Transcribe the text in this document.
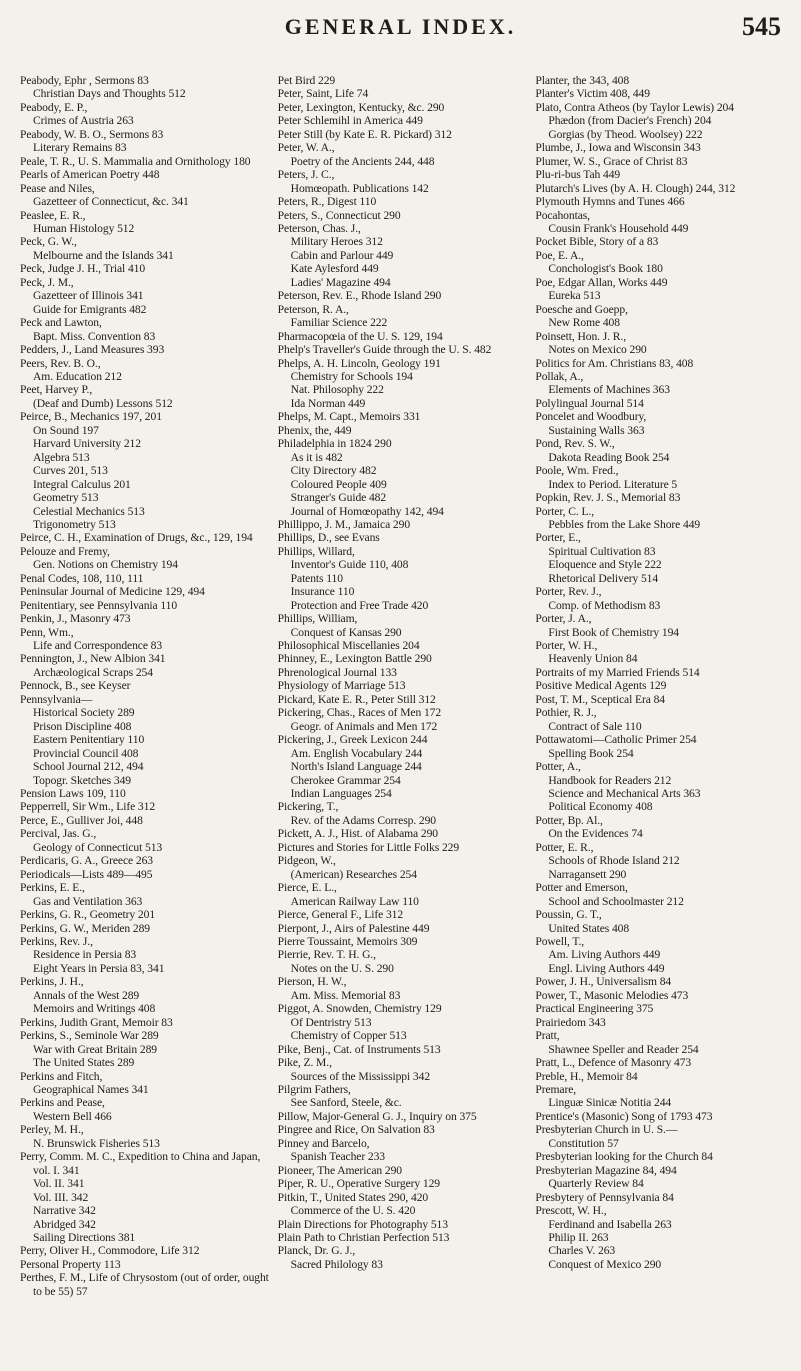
GENERAL INDEX.	545

Peabody, Ephr , Sermons 83

Christian Days and Thoughts 512

Peabody, E. P.,

Crimes of Austria 263

Peabody, W. B. O., Sermons 83

Literary Remains 83

Peale, T. R., U. S. Mammalia and Ornithology 180

Pearls of American Poetry 448

Pease and Niles,

Gazetteer of Connecticut, &c. 341

Peaslee, E. R.,

Human Histology 512

Peck, G. W.,

Melbourne and the Islands 341

Peck, Judge J. H., Trial 410

Peck, J. M.,

Gazetteer of Illinois 341

Guide for Emigrants 482

Peck and Lawton,

Bapt. Miss. Convention 83

Pedders, J., Land Measures 393

Peers, Rev. B. O.,

Am. Education 212

Peet, Harvey P.,

(Deaf and Dumb) Lessons 512

Peirce, B., Mechanics 197, 201

On Sound 197

Harvard University 212

Algebra 513

Curves 201, 513

Integral Calculus 201

Geometry 513

Celestial Mechanics 513

Trigonometry 513

Peirce, C. H., Examination of Drugs, &c., 129, 194

Pelouze and Fremy,

Gen. Notions on Chemistry 194

Penal Codes, 108, 110, 111

Peninsular Journal of Medicine 129, 494

Penitentiary, see Pennsylvania 110

Penkin, J., Masonry 473

Penn, Wm.,

Life and Correspondence 83

Pennington, J., New Albion 341

Archæological Scraps 254

Pennock, B., see Keyser

Pennsylvania—

Historical Society 289

Prison Discipline 408

Eastern Penitentiary 110

Provincial Council 408

School Journal 212, 494

Topogr. Sketches 349

Pension Laws 109, 110

Pepperrell, Sir Wm., Life 312

Perce, E., Gulliver Joi, 448

Percival, Jas. G.,

Geology of Connecticut 513

Perdicaris, G. A., Greece 263

Periodicals—Lists 489—495

Perkins, E. E.,

Gas and Ventilation 363

Perkins, G. R., Geometry 201

Perkins, G. W., Meriden 289

Perkins, Rev. J.,

Residence in Persia 83

Eight Years in Persia 83, 341

Perkins, J. H.,

Annals of the West 289

Memoirs and Writings 408

Perkins, Judith Grant, Memoir 83

Perkins, S., Seminole War 289

War with Great Britain 289

The United States 289

Perkins and Fitch,

Geographical Names 341

Perkins and Pease,

Western Bell 466

Perley, M. H.,

N. Brunswick Fisheries 513

Perry, Comm. M. C., Expedition to China and Japan, vol. I. 341

Vol. II. 341

Vol. III. 342

Narrative 342

Abridged 342

Sailing Directions 381

Perry, Oliver H., Commodore, Life 312

Personal Property 113

Perthes, F. M., Life of Chrysostom (out of order, ought to be 55) 57

Pet Bird 229

Peter, Saint, Life 74

Peter, Lexington, Kentucky, &c. 290

Peter Schlemihl in America 449

Peter Still (by Kate E. R. Pickard) 312

Peter, W. A.,

Poetry of the Ancients 244, 448

Peters, J. C.,

Homœopath. Publications 142

Peters, R., Digest 110

Peters, S., Connecticut 290

Peterson, Chas. J.,

Military Heroes 312

Cabin and Parlour 449

Kate Aylesford 449

Ladies' Magazine 494

Peterson, Rev. E., Rhode Island 290

Peterson, R. A.,

Familiar Science 222

Pharmacopœia of the U. S. 129, 194

Phelp's Traveller's Guide through the U. S. 482

Phelps, A. H. Lincoln, Geology 191

Chemistry for Schools 194

Nat. Philosophy 222

Ida Norman 449

Phelps, M. Capt., Memoirs 331

Phenix, the, 449

Philadelphia in 1824 290

As it is 482

City Directory 482

Coloured People 409

Stranger's Guide 482

Journal of Homœopathy 142, 494

Phillippo, J. M., Jamaica 290

Phillips, D., see Evans

Phillips, Willard,

Inventor's Guide 110, 408

Patents 110

Insurance 110

Protection and Free Trade 420

Phillips, William,

Conquest of Kansas 290

Philosophical Miscellanies 204

Phinney, E., Lexington Battle 290

Phrenological Journal 133

Physiology of Marriage 513

Pickard, Kate E. R., Peter Still 312

Pickering, Chas., Races of Men 172

Geogr. of Animals and Men 172

Pickering, J., Greek Lexicon 244

Am. English Vocabulary 244

North's Island Language 244

Cherokee Grammar 254

Indian Languages 254

Pickering, T.,

Rev. of the Adams Corresp. 290

Pickett, A. J., Hist. of Alabama 290

Pictures and Stories for Little Folks 229

Pidgeon, W.,

(American) Researches 254

Pierce, E. L.,

American Railway Law 110

Pierce, General F., Life 312

Pierpont, J., Airs of Palestine 449

Pierre Toussaint, Memoirs 309

Pierrie, Rev. T. H. G.,

Notes on the U. S. 290

Pierson, H. W.,

Am. Miss. Memorial 83

Piggot, A. Snowden, Chemistry 129

Of Dentristry 513

Chemistry of Copper 513

Pike, Benj., Cat. of Instruments 513

Pike, Z. M.,

Sources of the Mississippi 342

Pilgrim Fathers,

See Sanford, Steele, &c.

Pillow, Major-General G. J., Inquiry on 375

Pingree and Rice, On Salvation 83

Pinney and Barcelo,

Spanish Teacher 233

Pioneer, The American 290

Piper, R. U., Operative Surgery 129

Pitkin, T., United States 290, 420

Commerce of the U. S. 420

Plain Directions for Photography 513

Plain Path to Christian Perfection 513

Planck, Dr. G. J.,

Sacred Philology 83

Planter, the 343, 408

Planter's Victim 408, 449

Plato, Contra Atheos (by Taylor Lewis) 204

Phædon (from Dacier's French) 204

Gorgias (by Theod. Woolsey) 222

Plumbe, J., Iowa and Wisconsin 343

Plumer, W. S., Grace of Christ 83

Plu-ri-bus Tah 449

Plutarch's Lives (by A. H. Clough) 244, 312

Plymouth Hymns and Tunes 466

Pocahontas,

Cousin Frank's Household 449

Pocket Bible, Story of a 83

Poe, E. A.,

Conchologist's Book 180

Poe, Edgar Allan, Works 449

Eureka 513

Poesche and Goepp,

New Rome 408

Poinsett, Hon. J. R.,

Notes on Mexico 290

Politics for Am. Christians 83, 408

Pollak, A.,

Elements of Machines 363

Polylingual Journal 514

Poncelet and Woodbury,

Sustaining Walls 363

Pond, Rev. S. W.,

Dakota Reading Book 254

Poole, Wm. Fred.,

Index to Period. Literature 5

Popkin, Rev. J. S., Memorial 83

Porter, C. L.,

Pebbles from the Lake Shore 449

Porter, E.,

Spiritual Cultivation 83

Eloquence and Style 222

Rhetorical Delivery 514

Porter, Rev. J.,

Comp. of Methodism 83

Porter, J. A.,

First Book of Chemistry 194

Porter, W. H.,

Heavenly Union 84

Portraits of my Married Friends 514

Positive Medical Agents 129

Post, T. M., Sceptical Era 84

Pothier, R. J.,

Contract of Sale 110

Pottawatomi—Catholic Primer 254

Spelling Book 254

Potter, A.,

Handbook for Readers 212

Science and Mechanical Arts 363

Political Economy 408

Potter, Bp. Al.,

On the Evidences 74

Potter, E. R.,

Schools of Rhode Island 212

Narragansett 290

Potter and Emerson,

School and Schoolmaster 212

Poussin, G. T.,

United States 408

Powell, T.,

Am. Living Authors 449

Engl. Living Authors 449

Power, J. H., Universalism 84

Power, T., Masonic Melodies 473

Practical Engineering 375

Prairiedom 343

Pratt,

Shawnee Speller and Reader 254

Pratt, L., Defence of Masonry 473

Preble, H., Memoir 84

Premare,

Linguæ Sinicæ Notitia 244

Prentice's (Masonic) Song of 1793 473

Presbyterian Church in U. S.—

Constitution 57

Presbyterian looking for the Church 84

Presbyterian Magazine 84, 494

Quarterly Review 84

Presbytery of Pennsylvania 84

Prescott, W. H.,

Ferdinand and Isabella 263

Philip II. 263

Charles V. 263

Conquest of Mexico 290
